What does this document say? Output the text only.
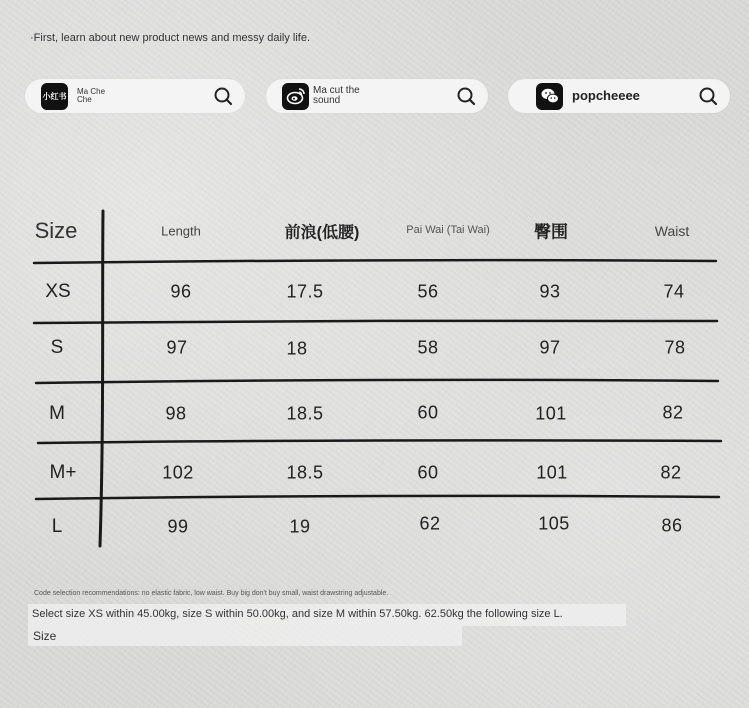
·First, learn about new product news and messy daily life.
小红书
Ma Che Che
Ma cut the sound	popcheeee
Size	Length	前浪(低腰)	Pai Wai (Tai Wai)	臀围	Waist
XS	96	17.5	56	93	74
S	97	18	58	97	78
M	98	18.5	60	101	82
M+	102	18.5	60	101	82
L	99	19	62	105	86
Code selection recommendations: no elastic fabric, low waist. Buy big don't buy small, waist drawstring adjustable.
Select size XS within 45.00kg, size S within 50.00kg, and size M within 57.50kg. 62.50kg the following size L.
Size
